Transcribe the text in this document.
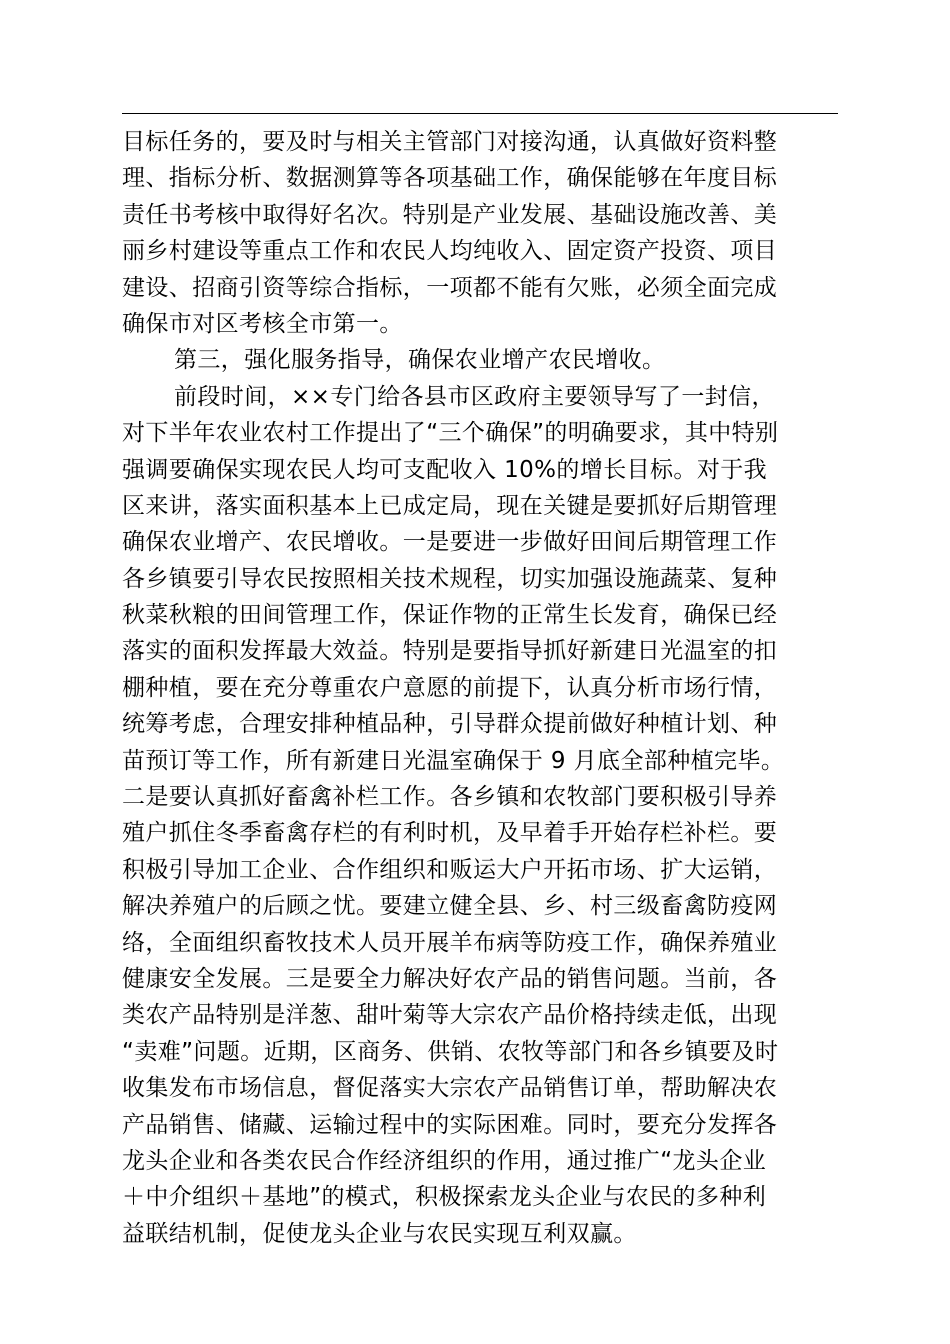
目标任务的，要及时与相关主管部门对接沟通，认真做好资料整
理、指标分析、数据测算等各项基础工作，确保能够在年度目标
责任书考核中取得好名次。特别是产业发展、基础设施改善、美
丽乡村建设等重点工作和农民人均纯收入、固定资产投资、项目
建设、招商引资等综合指标，一项都不能有欠账，必须全面完成
确保市对区考核全市第一。
第三，强化服务指导，确保农业增产农民增收。
前段时间，××专门给各县市区政府主要领导写了一封信，
对下半年农业农村工作提出了“三个确保”的明确要求，其中特别
强调要确保实现农民人均可支配收入 10%的增长目标。对于我
区来讲，落实面积基本上已成定局，现在关键是要抓好后期管理
确保农业增产、农民增收。一是要进一步做好田间后期管理工作
各乡镇要引导农民按照相关技术规程，切实加强设施蔬菜、复种
秋菜秋粮的田间管理工作，保证作物的正常生长发育，确保已经
落实的面积发挥最大效益。特别是要指导抓好新建日光温室的扣
棚种植，要在充分尊重农户意愿的前提下，认真分析市场行情，
统筹考虑，合理安排种植品种，引导群众提前做好种植计划、种
苗预订等工作，所有新建日光温室确保于 9 月底全部种植完毕。
二是要认真抓好畜禽补栏工作。各乡镇和农牧部门要积极引导养
殖户抓住冬季畜禽存栏的有利时机，及早着手开始存栏补栏。要
积极引导加工企业、合作组织和贩运大户开拓市场、扩大运销，
解决养殖户的后顾之忧。要建立健全县、乡、村三级畜禽防疫网
络，全面组织畜牧技术人员开展羊布病等防疫工作，确保养殖业
健康安全发展。三是要全力解决好农产品的销售问题。当前，各
类农产品特别是洋葱、甜叶菊等大宗农产品价格持续走低，出现
“卖难”问题。近期，区商务、供销、农牧等部门和各乡镇要及时
收集发布市场信息，督促落实大宗农产品销售订单，帮助解决农
产品销售、储藏、运输过程中的实际困难。同时，要充分发挥各
龙头企业和各类农民合作经济组织的作用，通过推广“龙头企业
＋中介组织＋基地”的模式，积极探索龙头企业与农民的多种利
益联结机制，促使龙头企业与农民实现互利双赢。
